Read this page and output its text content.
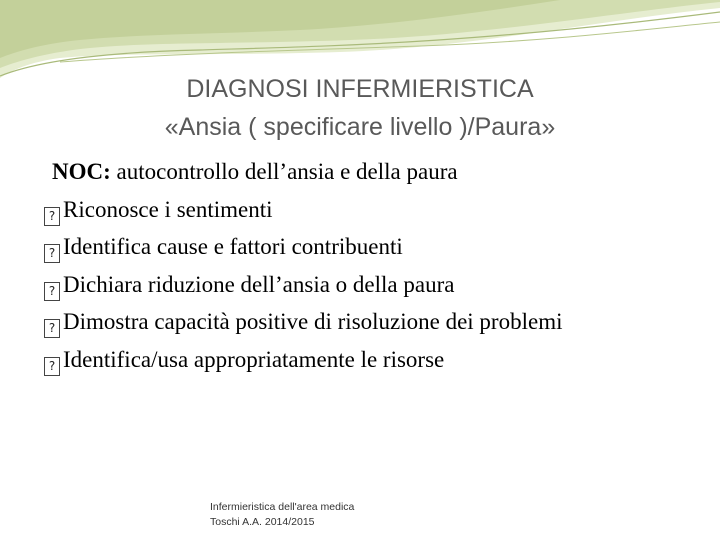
DIAGNOSI INFERMIERISTICA
«Ansia ( specificare livello )/Paura»
NOC: autocontrollo dell’ansia e della paura
? Riconosce i sentimenti
? Identifica cause e fattori contribuenti
? Dichiara riduzione dell’ansia o della paura
? Dimostra capacità positive di risoluzione dei problemi
? Identifica/usa appropriatamente le risorse
Infermieristica dell'area medica
Toschi A.A. 2014/2015
